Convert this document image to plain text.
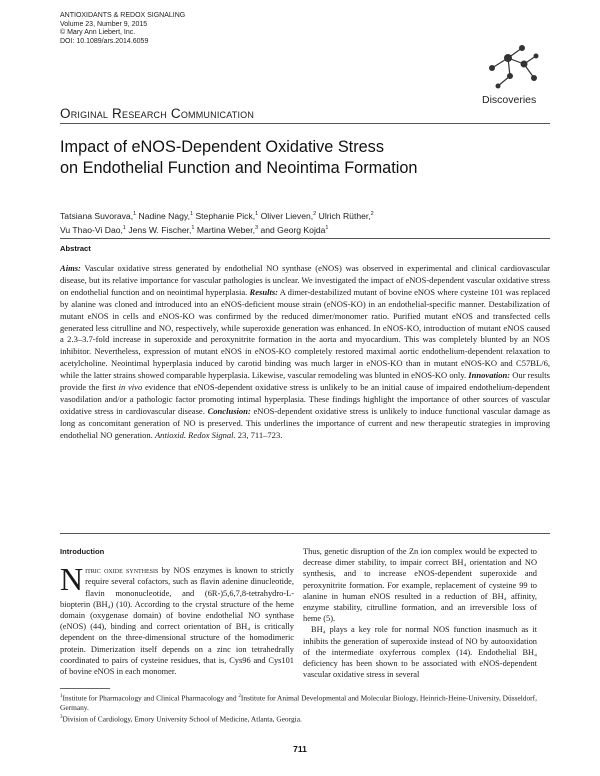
ANTIOXIDANTS & REDOX SIGNALING
Volume 23, Number 9, 2015
© Mary Ann Liebert, Inc.
DOI: 10.1089/ars.2014.6059
Discoveries
Original Research Communication
Impact of eNOS-Dependent Oxidative Stress
on Endothelial Function and Neointima Formation
Tatsiana Suvorava,$^1$ Nadine Nagy,$^1$ Stephanie Pick,$^1$ Oliver Lieven,$^2$ Ulrich Rüther,$^2$
Vu Thao-Vi Dao,$^1$ Jens W. Fischer,$^1$ Martina Weber,$^3$ and Georg Kojda$^1$
Abstract
Aims: Vascular oxidative stress generated by endothelial NO synthase (eNOS) was observed in experimental and clinical cardiovascular disease, but its relative importance for vascular pathologies is unclear. We investigated the impact of eNOS-dependent vascular oxidative stress on endothelial function and on neointimal hyperplasia. Results: A dimer-destabilized mutant of bovine eNOS where cysteine 101 was replaced by alanine was cloned and introduced into an eNOS-deficient mouse strain (eNOS-KO) in an endothelial-specific manner. Destabilization of mutant eNOS in cells and eNOS-KO was confirmed by the reduced dimer/monomer ratio. Purified mutant eNOS and transfected cells generated less citrulline and NO, respectively, while superoxide generation was enhanced. In eNOS-KO, introduction of mutant eNOS caused a 2.3–3.7-fold increase in superoxide and peroxynitrite formation in the aorta and myocardium. This was completely blunted by an NOS inhibitor. Nevertheless, expression of mutant eNOS in eNOS-KO completely restored maximal aortic endothelium-dependent relaxation to acetylcholine. Neointimal hyperplasia induced by carotid binding was much larger in eNOS-KO than in mutant eNOS-KO and C57BL/6, while the latter strains showed comparable hyperplasia. Likewise, vascular remodeling was blunted in eNOS-KO only. Innovation: Our results provide the first in vivo evidence that eNOS-dependent oxidative stress is unlikely to be an initial cause of impaired endothelium-dependent vasodilation and/or a pathologic factor promoting intimal hyperplasia. These findings highlight the importance of other sources of vascular oxidative stress in cardiovascular disease. Conclusion: eNOS-dependent oxidative stress is unlikely to induce functional vascular damage as long as concomitant generation of NO is preserved. This underlines the importance of current and new therapeutic strategies in improving endothelial NO generation. Antioxid. Redox Signal. 23, 711–723.
Introduction

Nitric oxide synthesis by NOS enzymes is known to strictly require several cofactors, such as flavin adenine dinucleotide, flavin mononucleotide, and (6R-)5,6,7,8-tetrahydro-L-biopterin (BH₄) (10). According to the crystal structure of the heme domain (oxygenase domain) of bovine endothelial NO synthase (eNOS) (44), binding and correct orientation of BH₄ is critically dependent on the three-dimensional structure of the homodimeric protein. Dimerization itself depends on a zinc ion tetrahedrally coordinated to pairs of cysteine residues, that is, Cys96 and Cys101 of bovine eNOS in each monomer.

Thus, genetic disruption of the Zn ion complex would be expected to decrease dimer stability, to impair correct BH₄ orientation and NO synthesis, and to increase eNOS-dependent superoxide and peroxynitrite formation. For example, replacement of cysteine 99 to alanine in human eNOS resulted in a reduction of BH₄ affinity, enzyme stability, citrulline formation, and an irreversible loss of heme (5).

BH₄ plays a key role for normal NOS function inasmuch as it inhibits the generation of superoxide instead of NO by autooxidation of the intermediate oxyferrous complex (14). Endothelial BH₄ deficiency has been shown to be associated with eNOS-dependent vascular oxidative stress in several

$^1$Institute for Pharmacology and Clinical Pharmacology and $^2$Institute for Animal Developmental and Molecular Biology, Heinrich-Heine-University, Düsseldorf, Germany.
$^3$Division of Cardiology, Emory University School of Medicine, Atlanta, Georgia.
711
